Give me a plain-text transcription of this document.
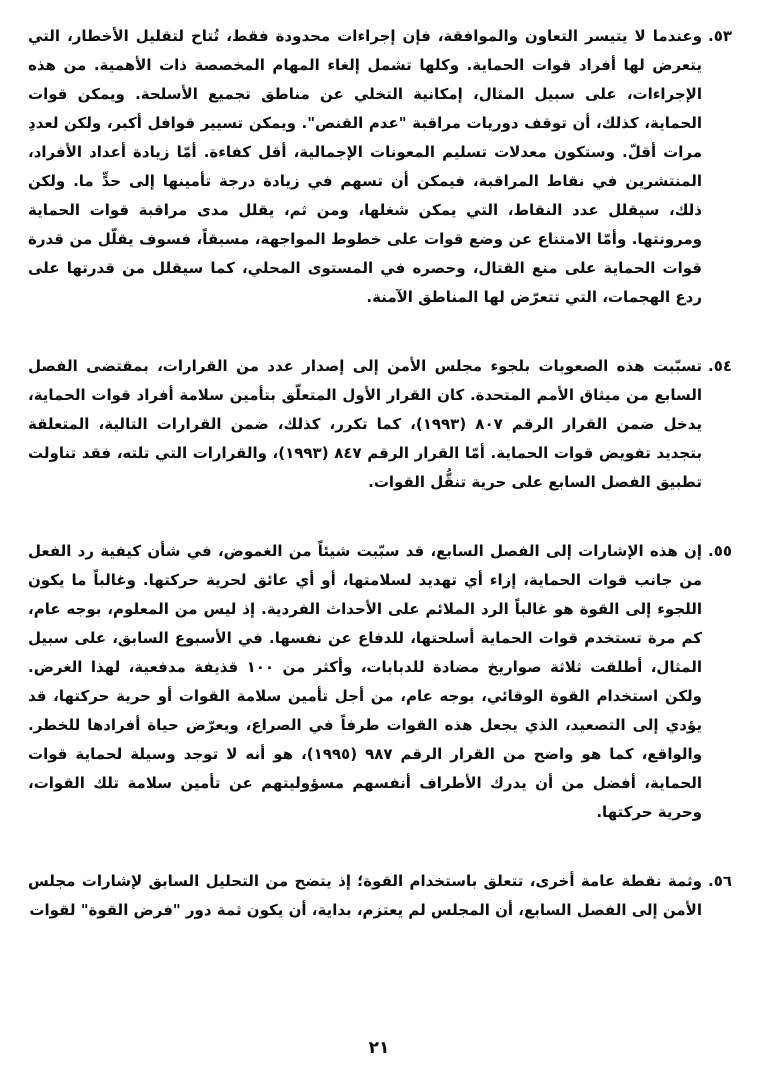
٥٣.
وعندما لا يتيسر التعاون والموافقة، فإن إجراءات محدودة فقط، تُتاح لتقليل الأخطار، التي يتعرض لها أفراد قوات الحماية. وكلها تشمل إلغاء المهام المخصصة ذات الأهمية. من هذه الإجراءات، على سبيل المثال، إمكانية التخلي عن مناطق تجميع الأسلحة. ويمكن قوات الحماية، كذلك، أن توقف دوريات مراقبة "عدم القنص". ويمكن تسيير قوافل أكبر، ولكن لعددِ مرات أقلّ. وستكون معدلات تسليم المعونات الإجمالية، أقل كفاءة. أمّا زيادة أعداد الأفراد، المنتشرين في نقاط المراقبة، فيمكن أن تسهم في زيادة درجة تأمينها إلى حدٍّ ما. ولكن ذلك، سيقلل عدد النقاط، التي يمكن شغلها، ومن ثم، يقلل مدى مراقبة قوات الحماية ومرونتها. وأمّا الامتناع عن وضع قوات على خطوط المواجهة، مسبقاً، فسوف يقلّل من قدرة قوات الحماية على منع القتال، وحصره في المستوى المحلي، كما سيقلل من قدرتها على ردع الهجمات، التي تتعرّض لها المناطق الآمنة.
٥٤.
تسبّبت هذه الصعوبات بلجوء مجلس الأمن إلى إصدار عدد من القرارات، بمقتضى الفصل السابع من ميثاق الأمم المتحدة. كان القرار الأول المتعلّق بتأمين سلامة أفراد قوات الحماية، يدخل ضمن القرار الرقم ٨٠٧ (١٩٩٣)، كما تكرر، كذلك، ضمن القرارات التالية، المتعلقة بتجديد تفويض قوات الحماية. أمّا القرار الرقم ٨٤٧ (١٩٩٣)، والقرارات التي تلته، فقد تناولت تطبيق الفصل السابع على حرية تنقُّل القوات.
٥٥.
إن هذه الإشارات إلى الفصل السابع، قد سبّبت شيئاً من الغموض، في شأن كيفية رد الفعل من جانب قوات الحماية، إزاء أي تهديد لسلامتها، أو أي عائق لحرية حركتها. وغالباً ما يكون اللجوء إلى القوة هو غالباً الرد الملائم على الأحداث الفردية. إذ ليس من المعلوم، بوجه عام، كم مرة تستخدم قوات الحماية أسلحتها، للدفاع عن نفسها. في الأسبوع السابق، على سبيل المثال، أطلقت ثلاثة صواريخ مضادة للدبابات، وأكثر من ١٠٠ قذيفة مدفعية، لهذا الغرض. ولكن استخدام القوة الوقائي، بوجه عام، من أجل تأمين سلامة القوات أو حرية حركتها، قد يؤدي إلى التصعيد، الذي يجعل هذه القوات طرفاً في الصراع، ويعرّض حياة أفرادها للخطر. والواقع، كما هو واضح من القرار الرقم ٩٨٧ (١٩٩٥)، هو أنه لا توجد وسيلة لحماية قوات الحماية، أفضل من أن يدرك الأطراف أنفسهم مسؤوليتهم عن تأمين سلامة تلك القوات، وحرية حركتها.
٥٦.
وثمة نقطة عامة أخرى، تتعلق باستخدام القوة؛ إذ يتضح من التحليل السابق لإشارات مجلس الأمن إلى الفصل السابع، أن المجلس لم يعتزم، بداية، أن يكون ثمة دور "فرض القوة" لقوات
٢١
